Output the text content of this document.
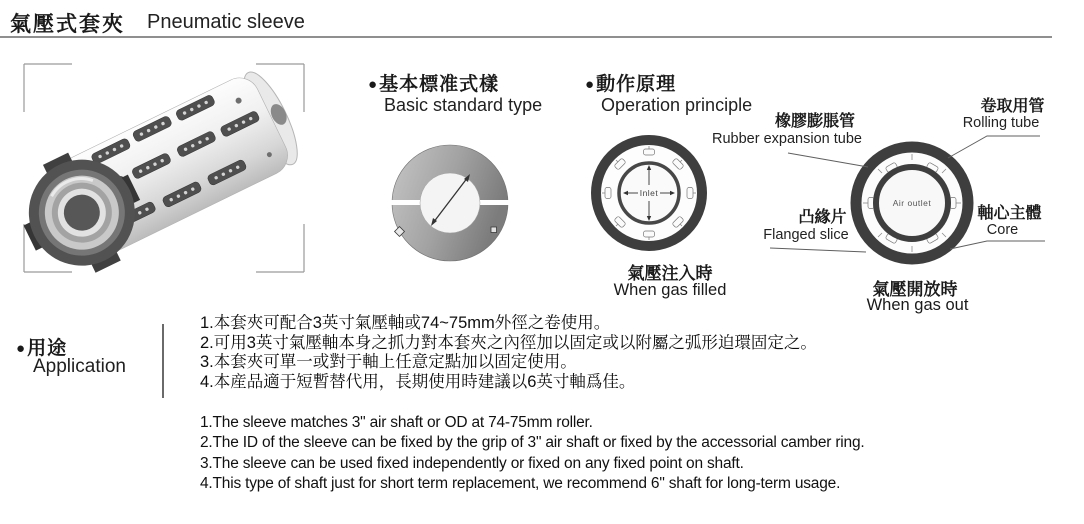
氣壓式套夾 Pneumatic sleeve
●基本標准式樣
Basic standard type
●動作原理
Operation principle
Inlet
氣壓注入時
When gas filled
Air outlet
氣壓開放時
When gas out
橡膠膨脹管
Rubber expansion tube
卷取用管
Rolling tube
凸緣片
Flanged slice
軸心主體
Core
●用途
Application
1.本套夾可配合3英寸氣壓軸或74~75mm外徑之卷使用。
2.可用3英寸氣壓軸本身之抓力對本套夾之內徑加以固定或以附屬之弧形迫環固定之。
3.本套夾可單一或對于軸上任意定點加以固定使用。
4.本産品適于短暫替代用，長期使用時建議以6英寸軸爲佳。
1.The sleeve matches 3" air shaft or OD at 74-75mm roller.
2.The ID of the sleeve can be fixed by the grip of 3" air shaft or fixed by the accessorial camber ring.
3.The sleeve can be used fixed independently or fixed on any fixed point on shaft.
4.This type of shaft just for short term replacement, we recommend 6" shaft for long-term usage.
